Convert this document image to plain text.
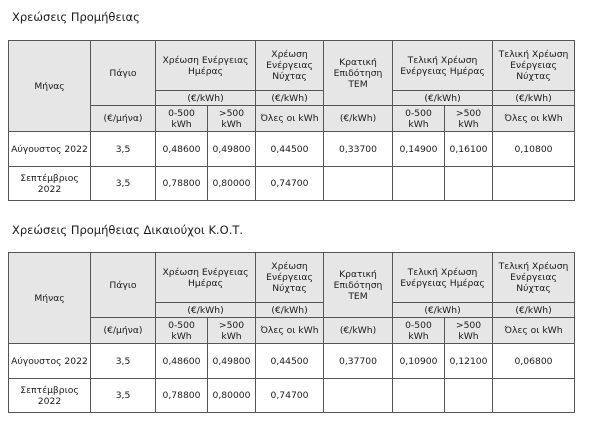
Χρεώσεις Προμήθειας
Μήνας	Πάγιο	Χρέωση Ενέργειας Ημέρας		Χρέωση Ενέργειας Νύχτας	Κρατική Επιδότηση ΤΕΜ	Τελική Χρέωση Ενέργειας Ημέρας		Τελική Χρέωση Ενέργειας Νύχτας
		(€/kWh)		(€/kWh)		(€/kWh)		(€/kWh)
	(€/μήνα)	0-500 kWh	>500 kWh	Όλες οι kWh	(€/kWh)	0-500 kWh	>500 kWh	Όλες οι kWh
Αύγουστος 2022	3,5	0,48600	0,49800	0,44500	0,33700	0,14900	0,16100	0,10800
Σεπτέμβριος 2022	3,5	0,78800	0,80000	0,74700				
Χρεώσεις Προμήθειας Δικαιούχοι Κ.Ο.Τ.
Μήνας	Πάγιο	Χρέωση Ενέργειας Ημέρας		Χρέωση Ενέργειας Νύχτας	Κρατική Επιδότηση ΤΕΜ	Τελική Χρέωση Ενέργειας Ημέρας		Τελική Χρέωση Ενέργειας Νύχτας
		(€/kWh)		(€/kWh)		(€/kWh)		(€/kWh)
	(€/μήνα)	0-500 kWh	>500 kWh	Όλες οι kWh	(€/kWh)	0-500 kWh	>500 kWh	Όλες οι kWh
Αύγουστος 2022	3,5	0,48600	0,49800	0,44500	0,37700	0,10900	0,12100	0,06800
Σεπτέμβριος 2022	3,5	0,78800	0,80000	0,74700				
